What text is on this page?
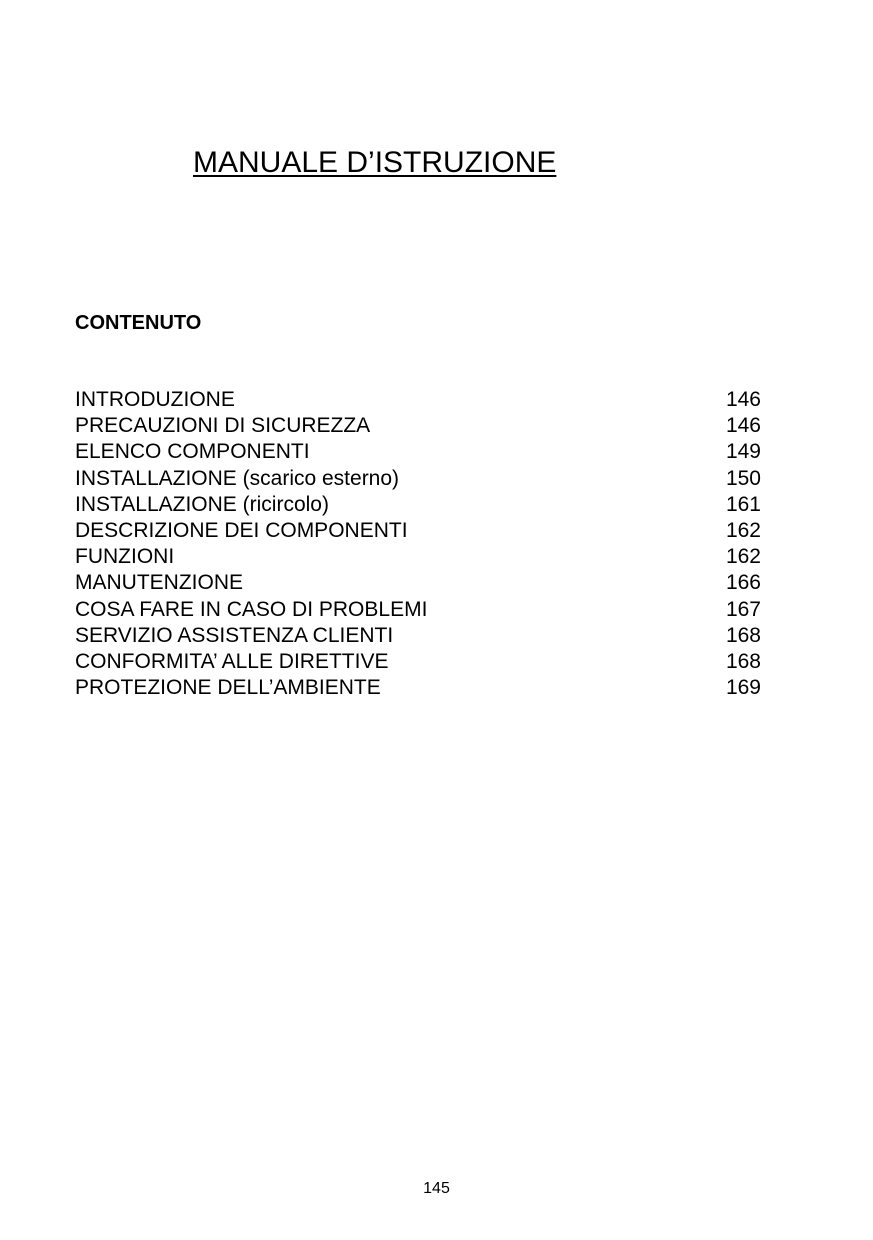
MANUALE D’ISTRUZIONE
CONTENUTO
INTRODUZIONE	146
PRECAUZIONI DI SICUREZZA	146
ELENCO COMPONENTI	149
INSTALLAZIONE (scarico esterno)	150
INSTALLAZIONE (ricircolo)	161
DESCRIZIONE DEI COMPONENTI	162
FUNZIONI	162
MANUTENZIONE	166
COSA FARE IN CASO DI PROBLEMI	167
SERVIZIO ASSISTENZA CLIENTI	168
CONFORMITA’ ALLE DIRETTIVE	168
PROTEZIONE DELL’AMBIENTE	169
145
